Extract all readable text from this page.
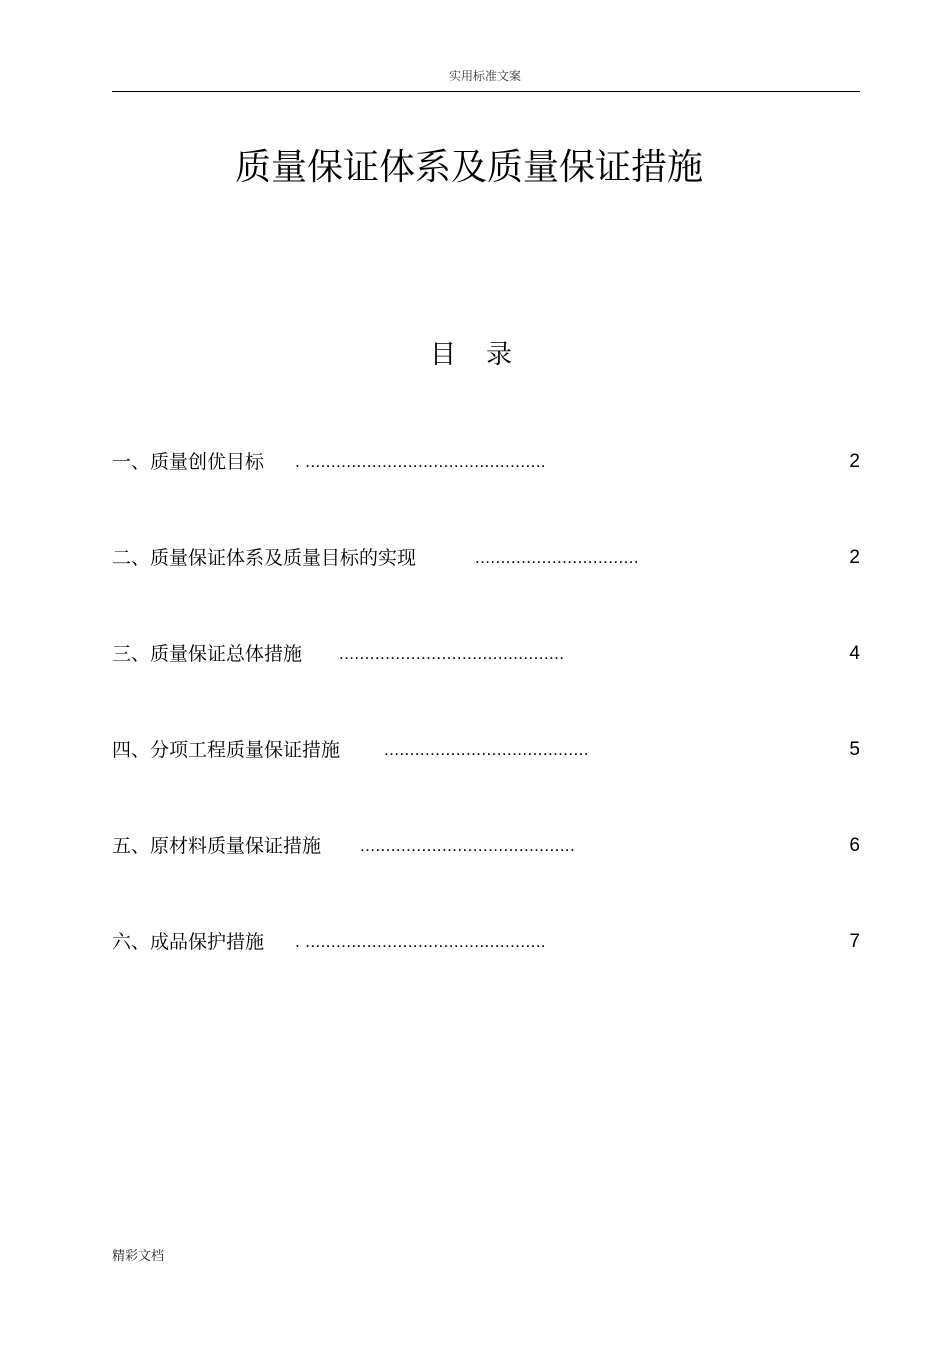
实用标准文案
质量保证体系及质量保证措施
目录
一、质量创优目标 . ...............................................	2
二、质量保证体系及质量目标的实现	................................	2
三、质量保证总体措施 ............................................	4
四、分项工程质量保证措施	........................................	5
五、原材料质量保证措施 ..........................................	6
六、成品保护措施 . ...............................................	7
精彩文档
